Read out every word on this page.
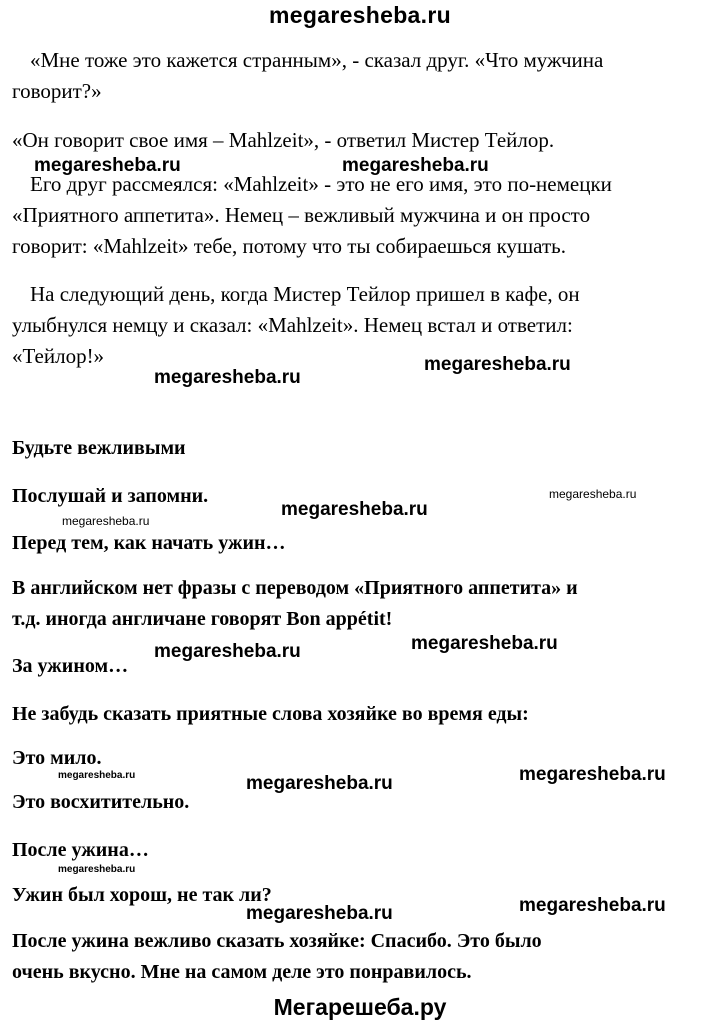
megaresheba.ru
«Мне тоже это кажется странным», - сказал друг. «Что мужчина
говорит?»
«Он говорит свое имя – Mahlzeit», - ответил Мистер Тейлор.
Его друг рассмеялся: «Mahlzeit» - это не его имя, это по-немецки
«Приятного аппетита». Немец – вежливый мужчина и он просто
говорит: «Mahlzeit» тебе, потому что ты собираешься кушать.
На следующий день, когда Мистер Тейлор пришел в кафе, он
улыбнулся немцу и сказал: «Mahlzeit». Немец встал и ответил:
«Тейлор!»
Будьте вежливыми
Послушай и запомни.
Перед тем, как начать ужин…
В английском нет фразы с переводом «Приятного аппетита» и
т.д. иногда англичане говорят Bon appétit!
За ужином…
Не забудь сказать приятные слова хозяйке во время еды:
Это мило.
Это восхитительно.
После ужина…
Ужин был хорош, не так ли?
После ужина вежливо сказать хозяйке: Спасибо. Это было
очень вкусно. Мне на самом деле это понравилось.
megaresheba.ru	megaresheba.ru
megaresheba.ru
megaresheba.ru
megaresheba.ru
megaresheba.ru
megaresheba.ru
megaresheba.ru
megaresheba.ru
megaresheba.ru
megaresheba.ru	megaresheba.ru
megaresheba.ru
megaresheba.ru
megaresheba.ru
Мегарешеба.ру
